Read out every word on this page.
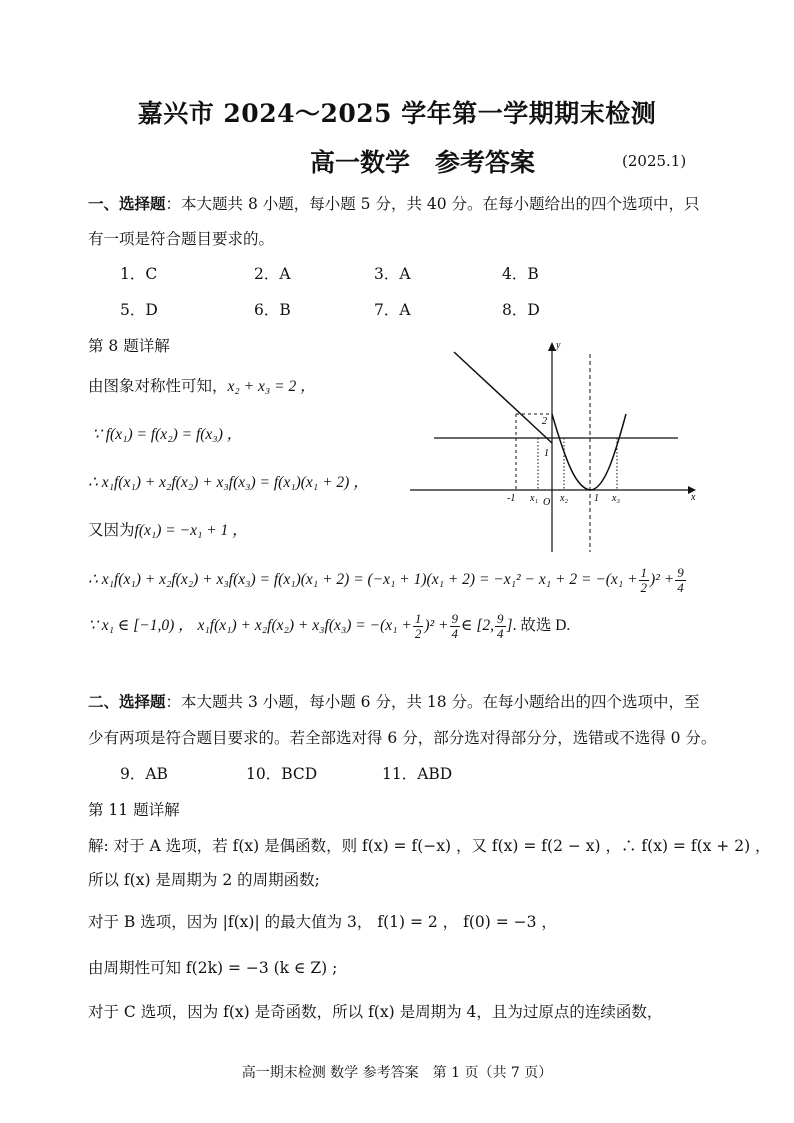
嘉兴市 2024～2025 学年第一学期期末检测
高一数学　参考答案	(2025.1)
一、选择题：本大题共 8 小题，每小题 5 分，共 40 分。在每小题给出的四个选项中，只
有一项是符合题目要求的。
1．C	2．A	3．A	4．B
5．D	6．B	7．A	8．D
第 8 题详解
由图象对称性可知，x₂ + x₃ = 2 ，
∵ f(x₁) = f(x₂) = f(x₃) ，
∴ x₁f(x₁) + x₂f(x₂) + x₃f(x₃) = f(x₁)(x₁ + 2) ，
又因为f(x₁) = −x₁ + 1 ，
∴ $x_1f(x_1) + x_2f(x_2) + x_3f(x_3) = f(x_1)(x_1 + 2) = (-x_1 + 1)(x_1 + 2) = -x_1^2 - x_1 + 2 = -(x_1 + \frac{1}{2} )^2 + \frac{9}{4}$
∵ x₁ ∈ [−1,0) ， $x_1f(x_1) + x_2f(x_2) + x_3f(x_3) = -(x_1 + \frac{1}{2} )^2 + \frac{9}{4}$ ∈ [2, $\frac{9}{4}$ ]. 故选 D.
y
x
2
1
-1 x₁ O x₂	1 x₃
二、选择题：本大题共 3 小题，每小题 6 分，共 18 分。在每小题给出的四个选项中，至
少有两项是符合题目要求的。若全部选对得 6 分，部分选对得部分分，选错或不选得 0 分。
9．AB	10．BCD	11．ABD
第 11 题详解
解: 对于 A 选项，若 f(x) 是偶函数，则 f(x) = f(−x) ，又 f(x) = f(2 − x) ，∴ f(x) = f(x + 2) ，
所以 f(x) 是周期为 2 的周期函数;
对于 B 选项，因为 |f(x)| 的最大值为 3， f(1) = 2 ， f(0) = −3 ，
由周期性可知 f(2k) = −3 (k ∈ Z) ;
对于 C 选项，因为 f(x) 是奇函数，所以 f(x) 是周期为 4，且为过原点的连续函数，
高一期末检测 数学 参考答案　第 1 页（共 7 页）
